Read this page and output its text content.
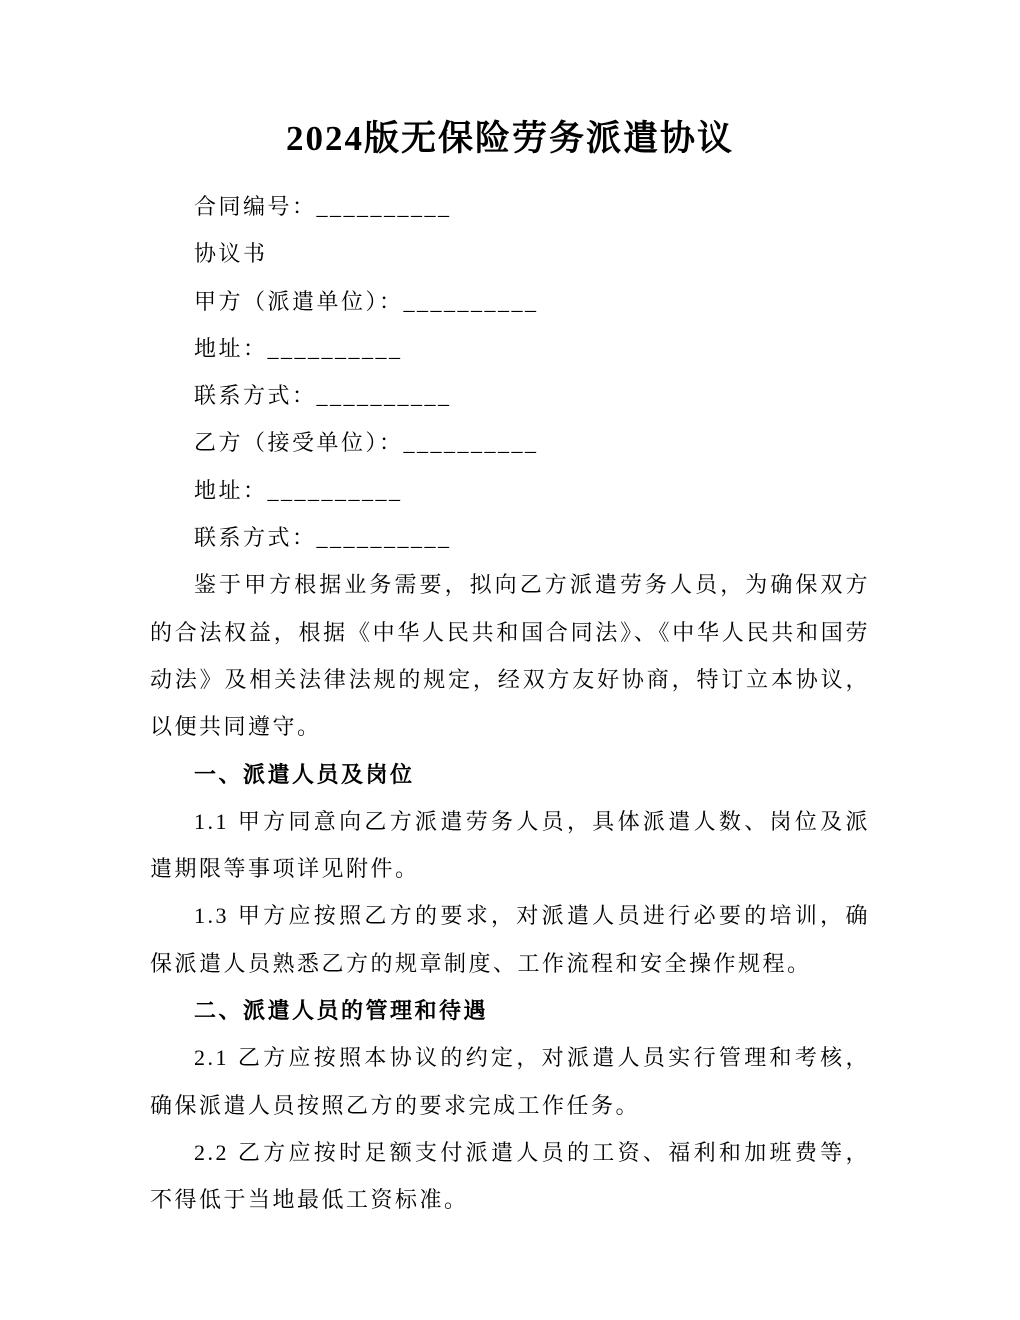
2024版无保险劳务派遣协议

合同编号：__________

协议书

甲方（派遣单位）：__________

地址：__________

联系方式：__________

乙方（接受单位）：__________

地址：__________

联系方式：__________

鉴于甲方根据业务需要，拟向乙方派遣劳务人员，为确保双方的合法权益，根据《中华人民共和国合同法》、《中华人民共和国劳动法》及相关法律法规的规定，经双方友好协商，特订立本协议，以便共同遵守。

一、派遣人员及岗位

1.1 甲方同意向乙方派遣劳务人员，具体派遣人数、岗位及派遣期限等事项详见附件。

1.3 甲方应按照乙方的要求，对派遣人员进行必要的培训，确保派遣人员熟悉乙方的规章制度、工作流程和安全操作规程。

二、派遣人员的管理和待遇

2.1 乙方应按照本协议的约定，对派遣人员实行管理和考核，确保派遣人员按照乙方的要求完成工作任务。

2.2 乙方应按时足额支付派遣人员的工资、福利和加班费等，不得低于当地最低工资标准。
